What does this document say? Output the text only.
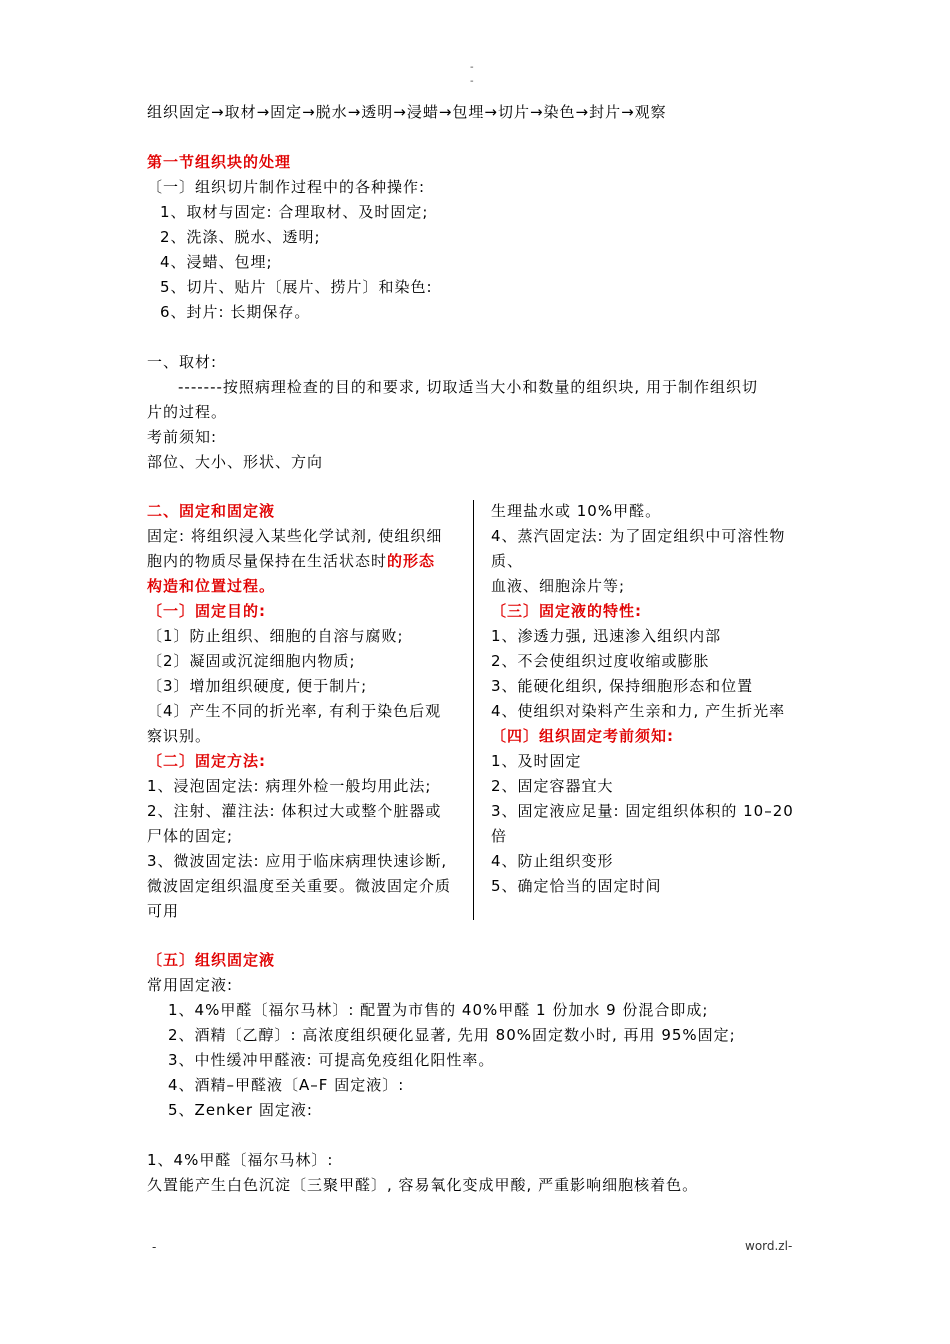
-
-
组织固定→取材→固定→脱水→透明→浸蜡→包埋→切片→染色→封片→观察
第一节组织块的处理
〔一〕组织切片制作过程中的各种操作:
1、取材与固定: 合理取材、及时固定;
2、洗涤、脱水、透明;
4、浸蜡、包埋;
5、切片、贴片〔展片、捞片〕和染色:
6、封片: 长期保存。
一、取材:
-------按照病理检查的目的和要求, 切取适当大小和数量的组织块, 用于制作组织切
片的过程。
考前须知:
部位、大小、形状、方向
二、固定和固定液
固定: 将组织浸入某些化学试剂, 使组织细
胞内的物质尽量保持在生活状态时的形态
构造和位置过程。
〔一〕固定目的:
〔1〕防止组织、细胞的自溶与腐败;
〔2〕凝固或沉淀细胞内物质;
〔3〕增加组织硬度, 便于制片;
〔4〕产生不同的折光率, 有利于染色后观
察识别。
〔二〕固定方法:
1、浸泡固定法: 病理外检一般均用此法;
2、注射、灌注法: 体积过大或整个脏器或
尸体的固定;
3、微波固定法: 应用于临床病理快速诊断,
微波固定组织温度至关重要。微波固定介质
可用
生理盐水或 10%甲醛。
4、蒸汽固定法: 为了固定组织中可溶性物
质、
血液、细胞涂片等;
〔三〕固定液的特性:
1、渗透力强, 迅速渗入组织内部
2、不会使组织过度收缩或膨胀
3、能硬化组织, 保持细胞形态和位置
4、使组织对染料产生亲和力, 产生折光率
〔四〕组织固定考前须知:
1、及时固定
2、固定容器宜大
3、固定液应足量: 固定组织体积的 10–20
倍
4、防止组织变形
5、确定恰当的固定时间
〔五〕组织固定液
常用固定液:
1、4%甲醛〔福尔马林〕: 配置为市售的 40%甲醛 1 份加水 9 份混合即成;
2、酒精〔乙醇〕: 高浓度组织硬化显著, 先用 80%固定数小时, 再用 95%固定;
3、中性缓冲甲醛液: 可提高免疫组化阳性率。
4、酒精–甲醛液〔A–F 固定液〕:
5、Zenker 固定液:
1、4%甲醛〔福尔马林〕:
久置能产生白色沉淀〔三聚甲醛〕, 容易氧化变成甲酸, 严重影响细胞核着色。
-	word.zl-
